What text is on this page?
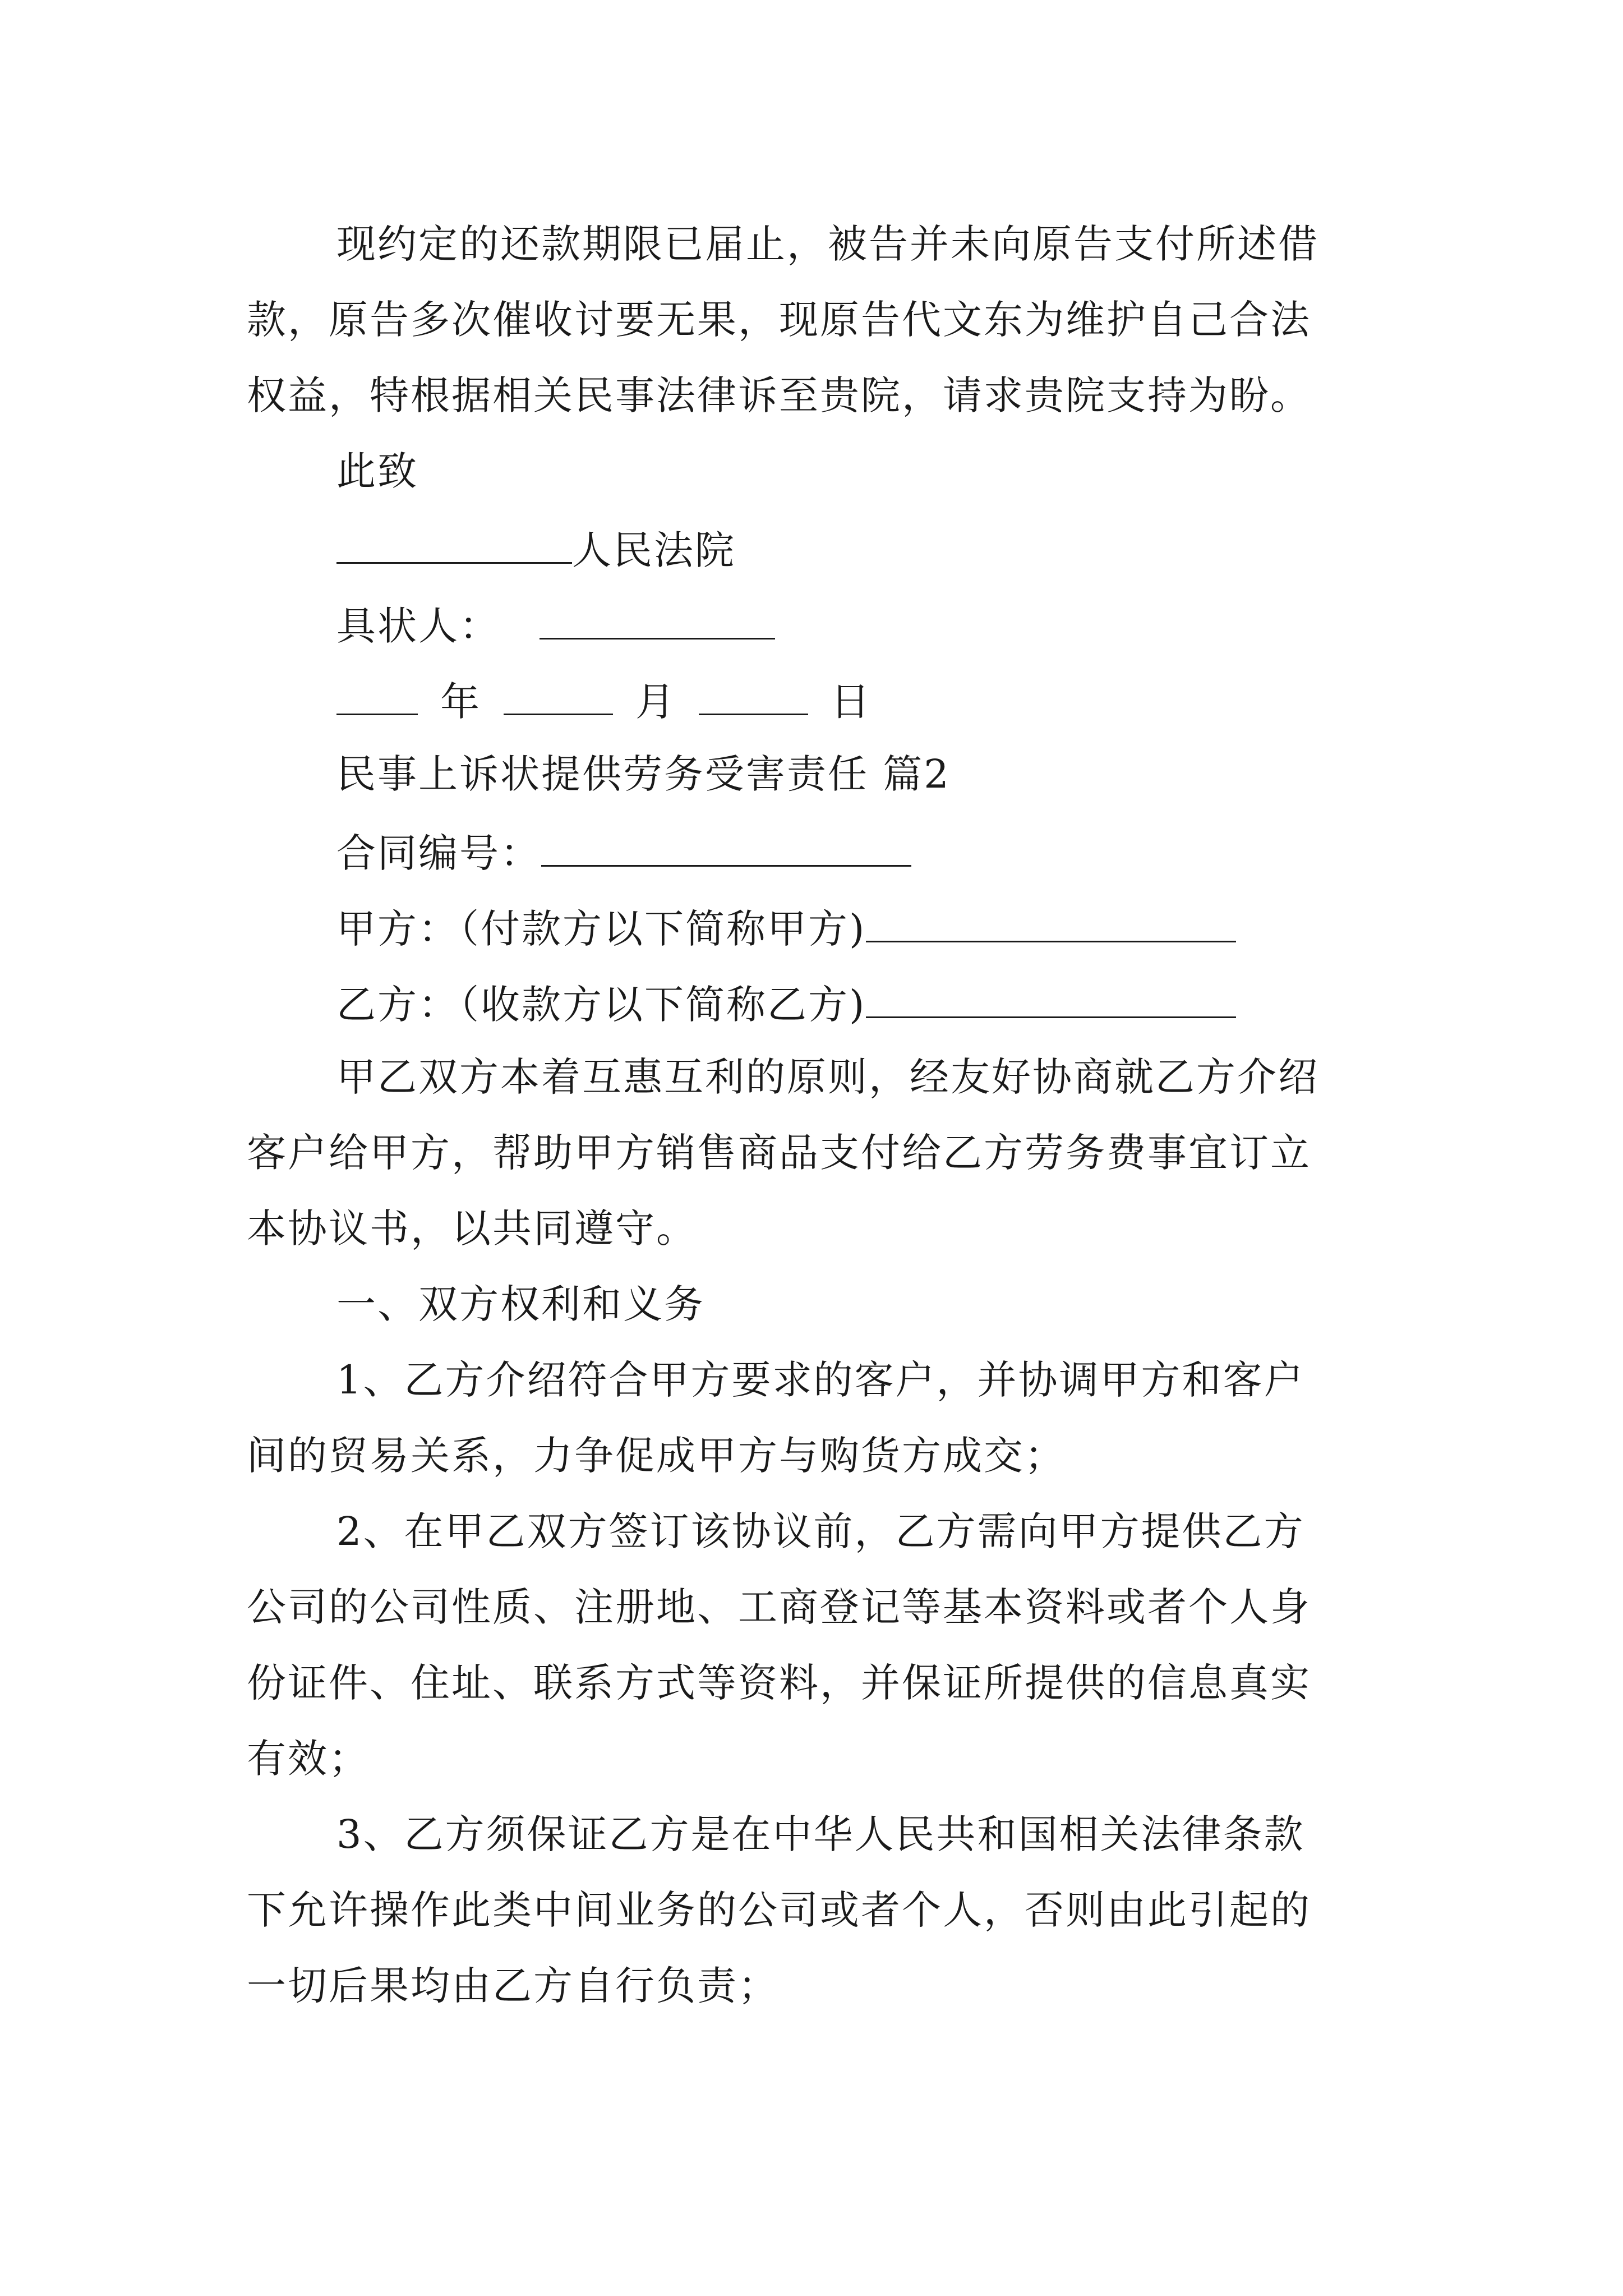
现约定的还款期限已届止，被告并未向原告支付所述借

款，原告多次催收讨要无果，现原告代文东为维护自己合法

权益，特根据相关民事法律诉至贵院，请求贵院支持为盼。

此致

人民法院

具状人：

年	月	日

民事上诉状提供劳务受害责任 篇2

合同编号：

甲方：（付款方以下简称甲方)

乙方：（收款方以下简称乙方)

甲乙双方本着互惠互利的原则，经友好协商就乙方介绍

客户给甲方，帮助甲方销售商品支付给乙方劳务费事宜订立

本协议书，以共同遵守。

一、双方权利和义务

1、乙方介绍符合甲方要求的客户，并协调甲方和客户

间的贸易关系，力争促成甲方与购货方成交；

2、在甲乙双方签订该协议前，乙方需向甲方提供乙方

公司的公司性质、注册地、工商登记等基本资料或者个人身

份证件、住址、联系方式等资料，并保证所提供的信息真实

有效；

3、乙方须保证乙方是在中华人民共和国相关法律条款

下允许操作此类中间业务的公司或者个人，否则由此引起的

一切后果均由乙方自行负责；
